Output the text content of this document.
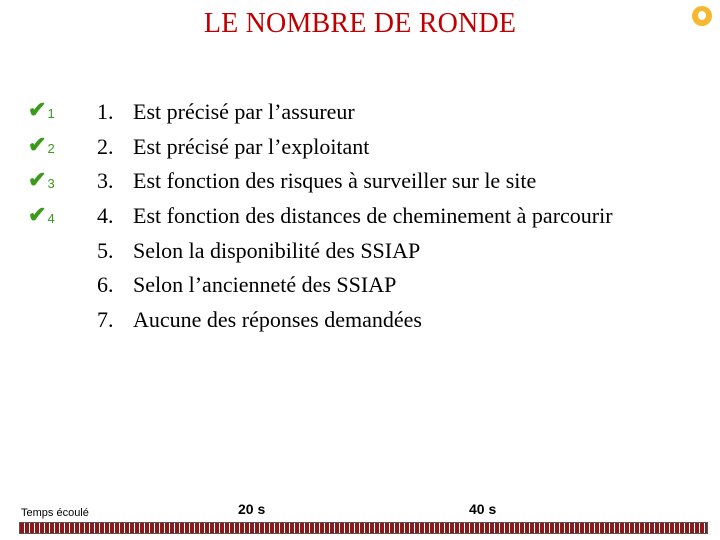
LE NOMBRE DE RONDE
✔ 1
✔ 2
✔ 3
✔ 4
1. Est précisé par l’assureur
2. Est précisé par l’exploitant
3. Est fonction des risques à surveiller sur le site
4. Est fonction des distances de cheminement à parcourir
5. Selon la disponibilité des SSIAP
6. Selon l’ancienneté des SSIAP
7. Aucune des réponses demandées
Temps écoulé	20 s	40 s
